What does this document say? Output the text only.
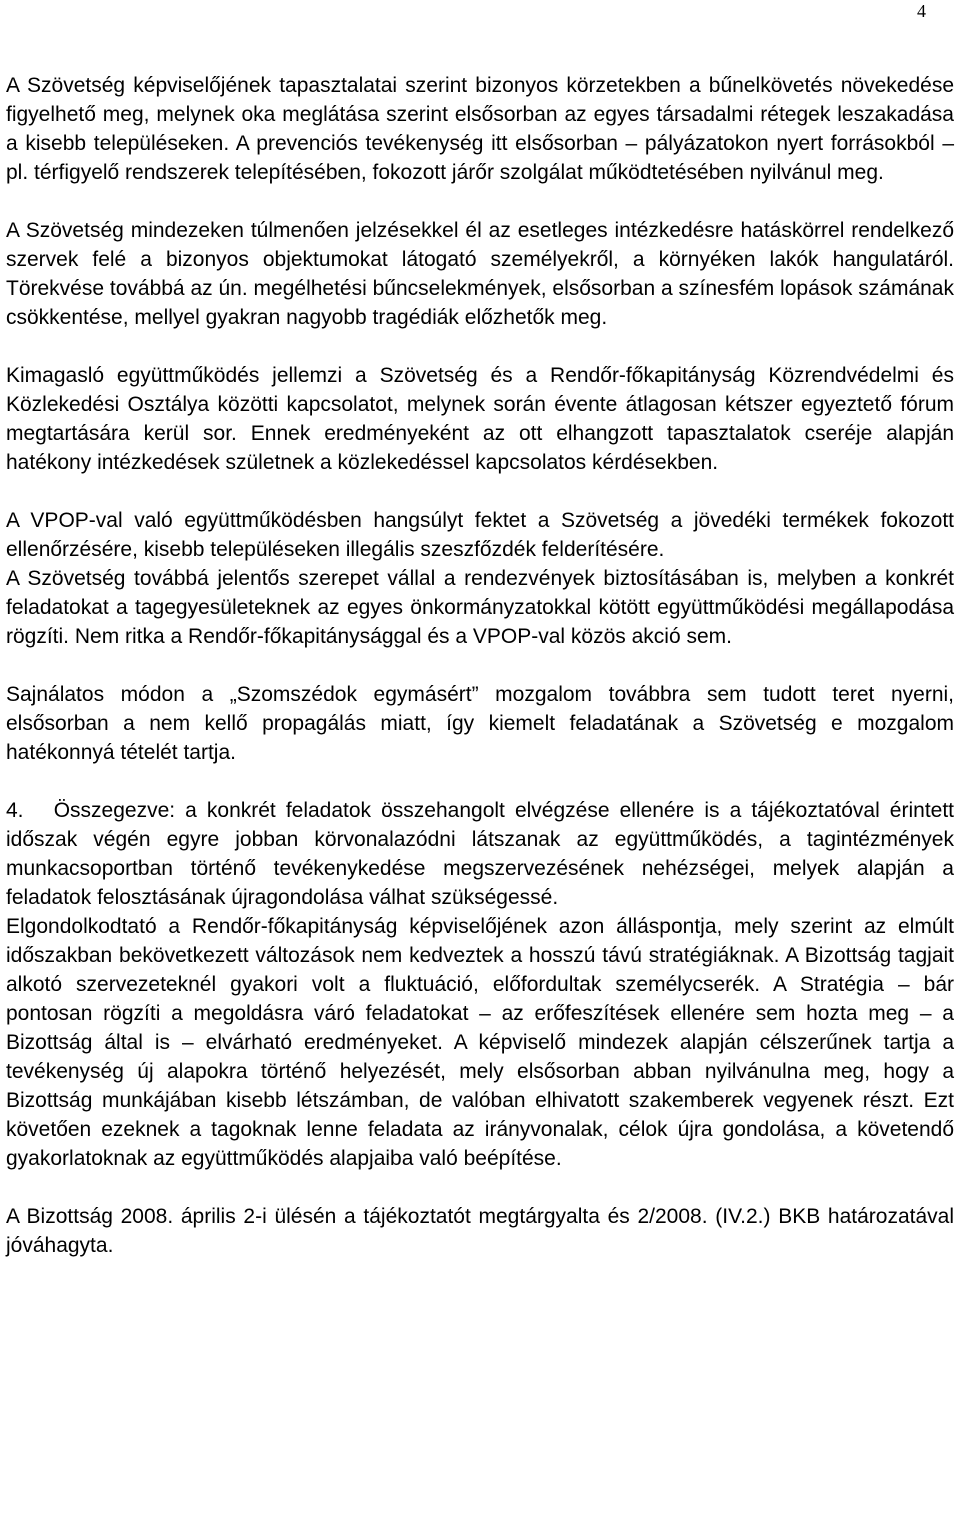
4

A Szövetség képviselőjének tapasztalatai szerint bizonyos körzetekben a bűnelkövetés növekedése figyelhető meg, melynek oka meglátása szerint elsősorban az egyes társadalmi rétegek leszakadása a kisebb településeken. A prevenciós tevékenység itt elsősorban – pályázatokon nyert forrásokból – pl. térfigyelő rendszerek telepítésében, fokozott járőr szolgálat működtetésében nyilvánul meg.

A Szövetség mindezeken túlmenően jelzésekkel él az esetleges intézkedésre hatáskörrel rendelkező szervek felé a bizonyos objektumokat látogató személyekről, a környéken lakók hangulatáról. Törekvése továbbá az ún. megélhetési bűncselekmények, elsősorban a színesfém lopások számának csökkentése, mellyel gyakran nagyobb tragédiák előzhetők meg.

Kimagasló együttműködés jellemzi a Szövetség és a Rendőr-főkapitányság Közrendvédelmi és Közlekedési Osztálya közötti kapcsolatot, melynek során évente átlagosan kétszer egyeztető fórum megtartására kerül sor. Ennek eredményeként az ott elhangzott tapasztalatok cseréje alapján hatékony intézkedések születnek a közlekedéssel kapcsolatos kérdésekben.

A VPOP-val való együttműködésben hangsúlyt fektet a Szövetség a jövedéki termékek fokozott ellenőrzésére, kisebb településeken illegális szeszfőzdék felderítésére.

A Szövetség továbbá jelentős szerepet vállal a rendezvények biztosításában is, melyben a konkrét feladatokat a tagegyesületeknek az egyes önkormányzatokkal kötött együttműködési megállapodása rögzíti. Nem ritka a Rendőr-főkapitánysággal és a VPOP-val közös akció sem.

Sajnálatos módon a „Szomszédok egymásért” mozgalom továbbra sem tudott teret nyerni, elsősorban a nem kellő propagálás miatt, így kiemelt feladatának a Szövetség e mozgalom hatékonnyá tételét tartja.

4.   Összegezve: a konkrét feladatok összehangolt elvégzése ellenére is a tájékoztatóval érintett időszak végén egyre jobban körvonalazódni látszanak az együttműködés, a tagintézmények munkacsoportban történő tevékenykedése megszervezésének nehézségei, melyek alapján a feladatok felosztásának újragondolása válhat szükségessé.

Elgondolkodtató a Rendőr-főkapitányság képviselőjének azon álláspontja, mely szerint az elmúlt időszakban bekövetkezett változások nem kedveztek a hosszú távú stratégiáknak. A Bizottság tagjait alkotó szervezeteknél gyakori volt a fluktuáció, előfordultak személycserék. A Stratégia – bár pontosan rögzíti a megoldásra váró feladatokat – az erőfeszítések ellenére sem hozta meg – a Bizottság által is – elvárható eredményeket. A képviselő mindezek alapján célszerűnek tartja a tevékenység új alapokra történő helyezését, mely elsősorban abban nyilvánulna meg, hogy a Bizottság munkájában kisebb létszámban, de valóban elhivatott szakemberek vegyenek részt. Ezt követően ezeknek a tagoknak lenne feladata az irányvonalak, célok újra gondolása, a követendő gyakorlatoknak az együttműködés alapjaiba való beépítése.

A Bizottság 2008. április 2-i ülésén a tájékoztatót megtárgyalta és 2/2008. (IV.2.) BKB határozatával jóváhagyta.
